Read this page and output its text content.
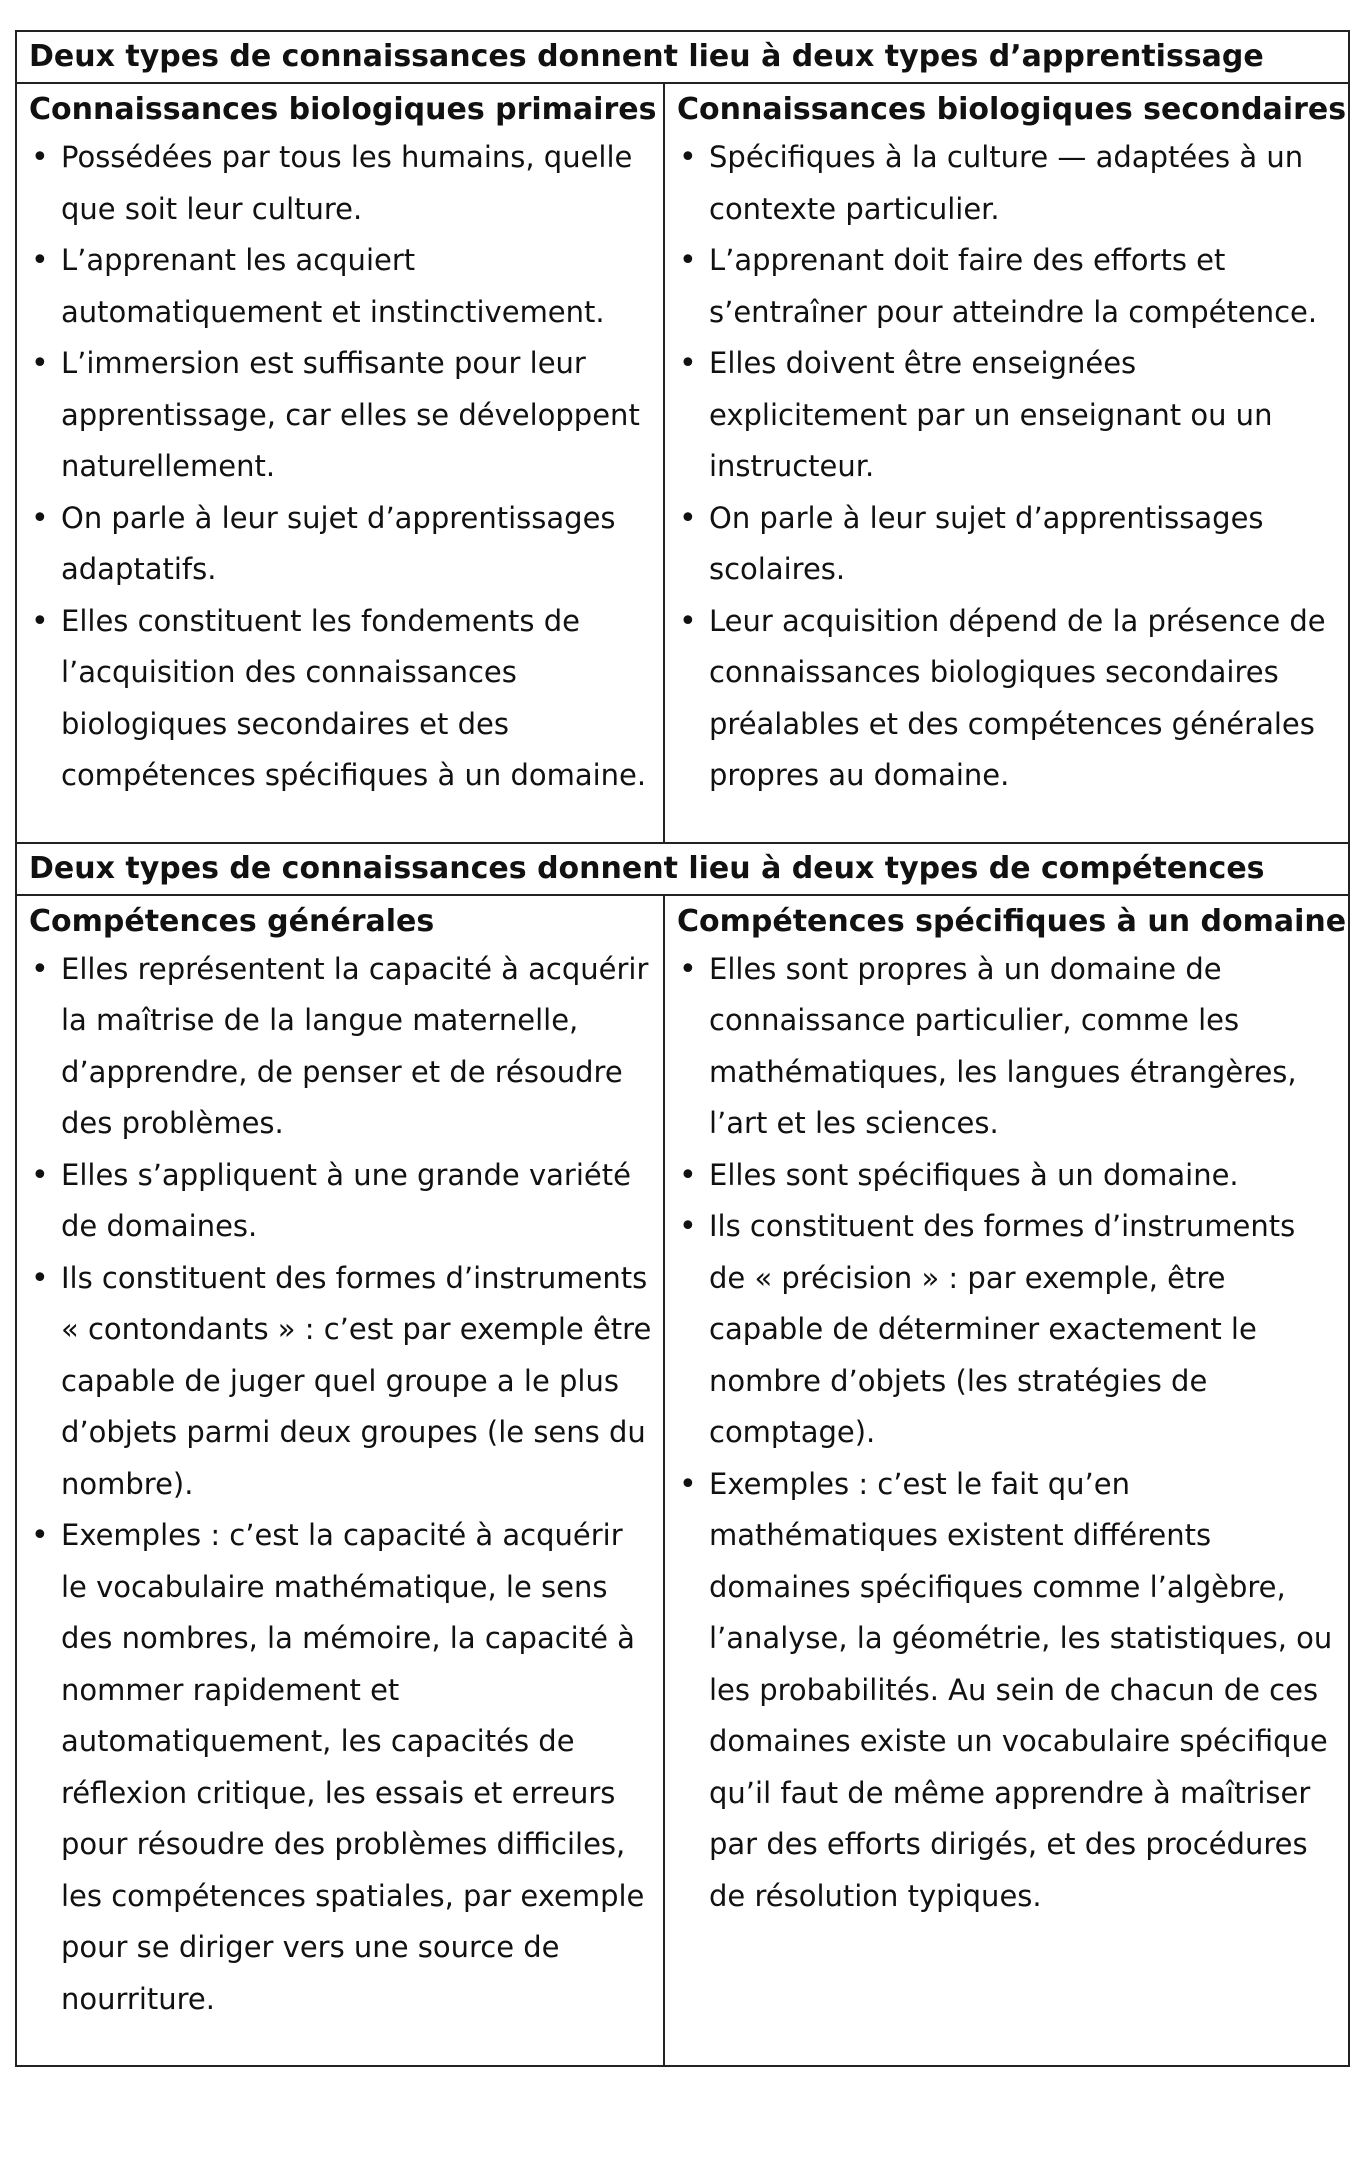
Deux types de connaissances donnent lieu à deux types d’apprentissage
Connaissances biologiques primaires
• Possédées par tous les humains, quelle que soit leur culture.
• L’apprenant les acquiert automatiquement et instinctivement.
• L’immersion est suffisante pour leur apprentissage, car elles se développent naturellement.
• On parle à leur sujet d’apprentissages adaptatifs.
• Elles constituent les fondements de l’acquisition des connaissances biologiques secondaires et des compétences spécifiques à un domaine.
Connaissances biologiques secondaires
• Spécifiques à la culture — adaptées à un contexte particulier.
• L’apprenant doit faire des efforts et s’entraîner pour atteindre la compétence.
• Elles doivent être enseignées explicitement par un enseignant ou un instructeur.
• On parle à leur sujet d’apprentissages scolaires.
• Leur acquisition dépend de la présence de connaissances biologiques secondaires préalables et des compétences générales propres au domaine.
Deux types de connaissances donnent lieu à deux types de compétences
Compétences générales
• Elles représentent la capacité à acquérir la maîtrise de la langue maternelle, d’apprendre, de penser et de résoudre des problèmes.
• Elles s’appliquent à une grande variété de domaines.
• Ils constituent des formes d’instruments « contondants » : c’est par exemple être capable de juger quel groupe a le plus d’objets parmi deux groupes (le sens du nombre).
• Exemples : c’est la capacité à acquérir le vocabulaire mathématique, le sens des nombres, la mémoire, la capacité à nommer rapidement et automatiquement, les capacités de réflexion critique, les essais et erreurs pour résoudre des problèmes difficiles, les compétences spatiales, par exemple pour se diriger vers une source de nourriture.
Compétences spécifiques à un domaine
• Elles sont propres à un domaine de connaissance particulier, comme les mathématiques, les langues étrangères, l’art et les sciences.
• Elles sont spécifiques à un domaine.
• Ils constituent des formes d’instruments de « précision » : par exemple, être capable de déterminer exactement le nombre d’objets (les stratégies de comptage).
• Exemples : c’est le fait qu’en mathématiques existent différents domaines spécifiques comme l’algèbre, l’analyse, la géométrie, les statistiques, ou les probabilités. Au sein de chacun de ces domaines existe un vocabulaire spécifique qu’il faut de même apprendre à maîtriser par des efforts dirigés, et des procédures de résolution typiques.
